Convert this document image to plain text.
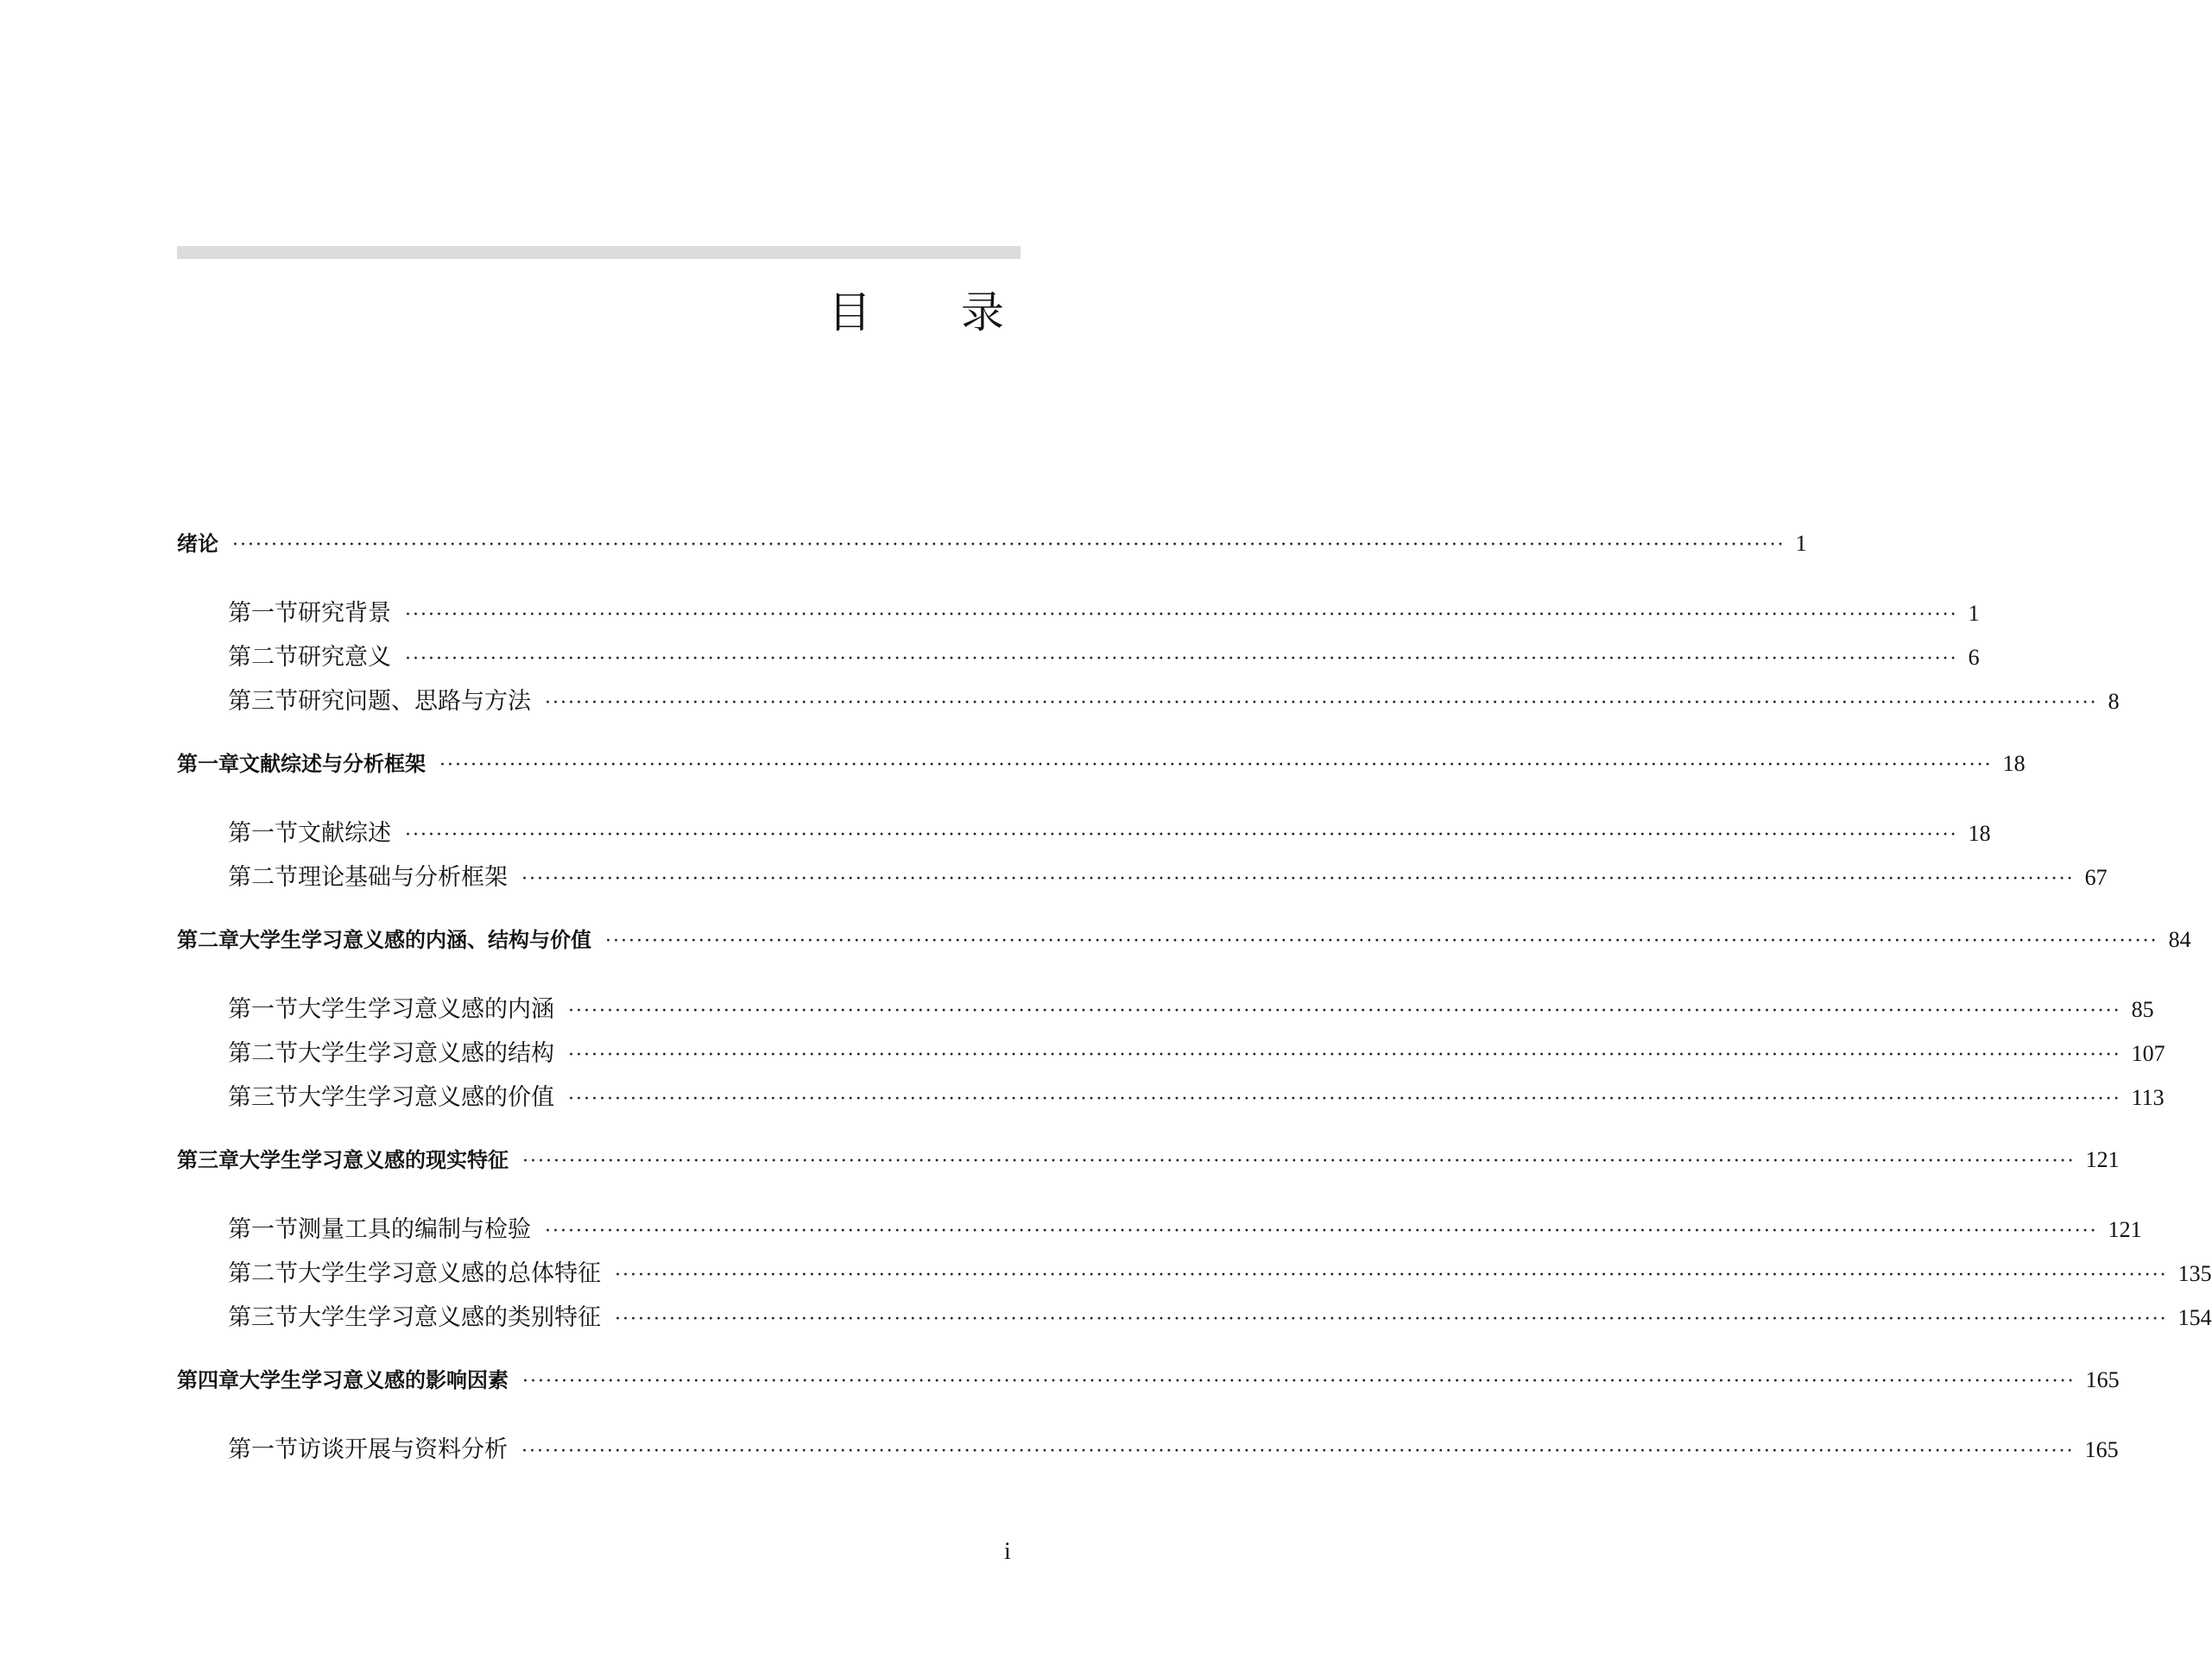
目 录
绪论 ········································································································································································································ 1
第一节 研究背景 ········································································································································································································ 1
第二节 研究意义 ········································································································································································································ 6
第三节 研究问题、思路与方法 ········································································································································································································ 8
第一章 文献综述与分析框架 ········································································································································································································ 18
第一节 文献综述 ········································································································································································································ 18
第二节 理论基础与分析框架 ········································································································································································································ 67
第二章 大学生学习意义感的内涵、结构与价值 ········································································································································································································ 84
第一节 大学生学习意义感的内涵 ········································································································································································································ 85
第二节 大学生学习意义感的结构 ········································································································································································································ 107
第三节 大学生学习意义感的价值 ········································································································································································································ 113
第三章 大学生学习意义感的现实特征 ········································································································································································································ 121
第一节 测量工具的编制与检验 ········································································································································································································ 121
第二节 大学生学习意义感的总体特征 ········································································································································································································ 135
第三节 大学生学习意义感的类别特征 ········································································································································································································ 154
第四章 大学生学习意义感的影响因素 ········································································································································································································ 165
第一节 访谈开展与资料分析 ········································································································································································································ 165
i
